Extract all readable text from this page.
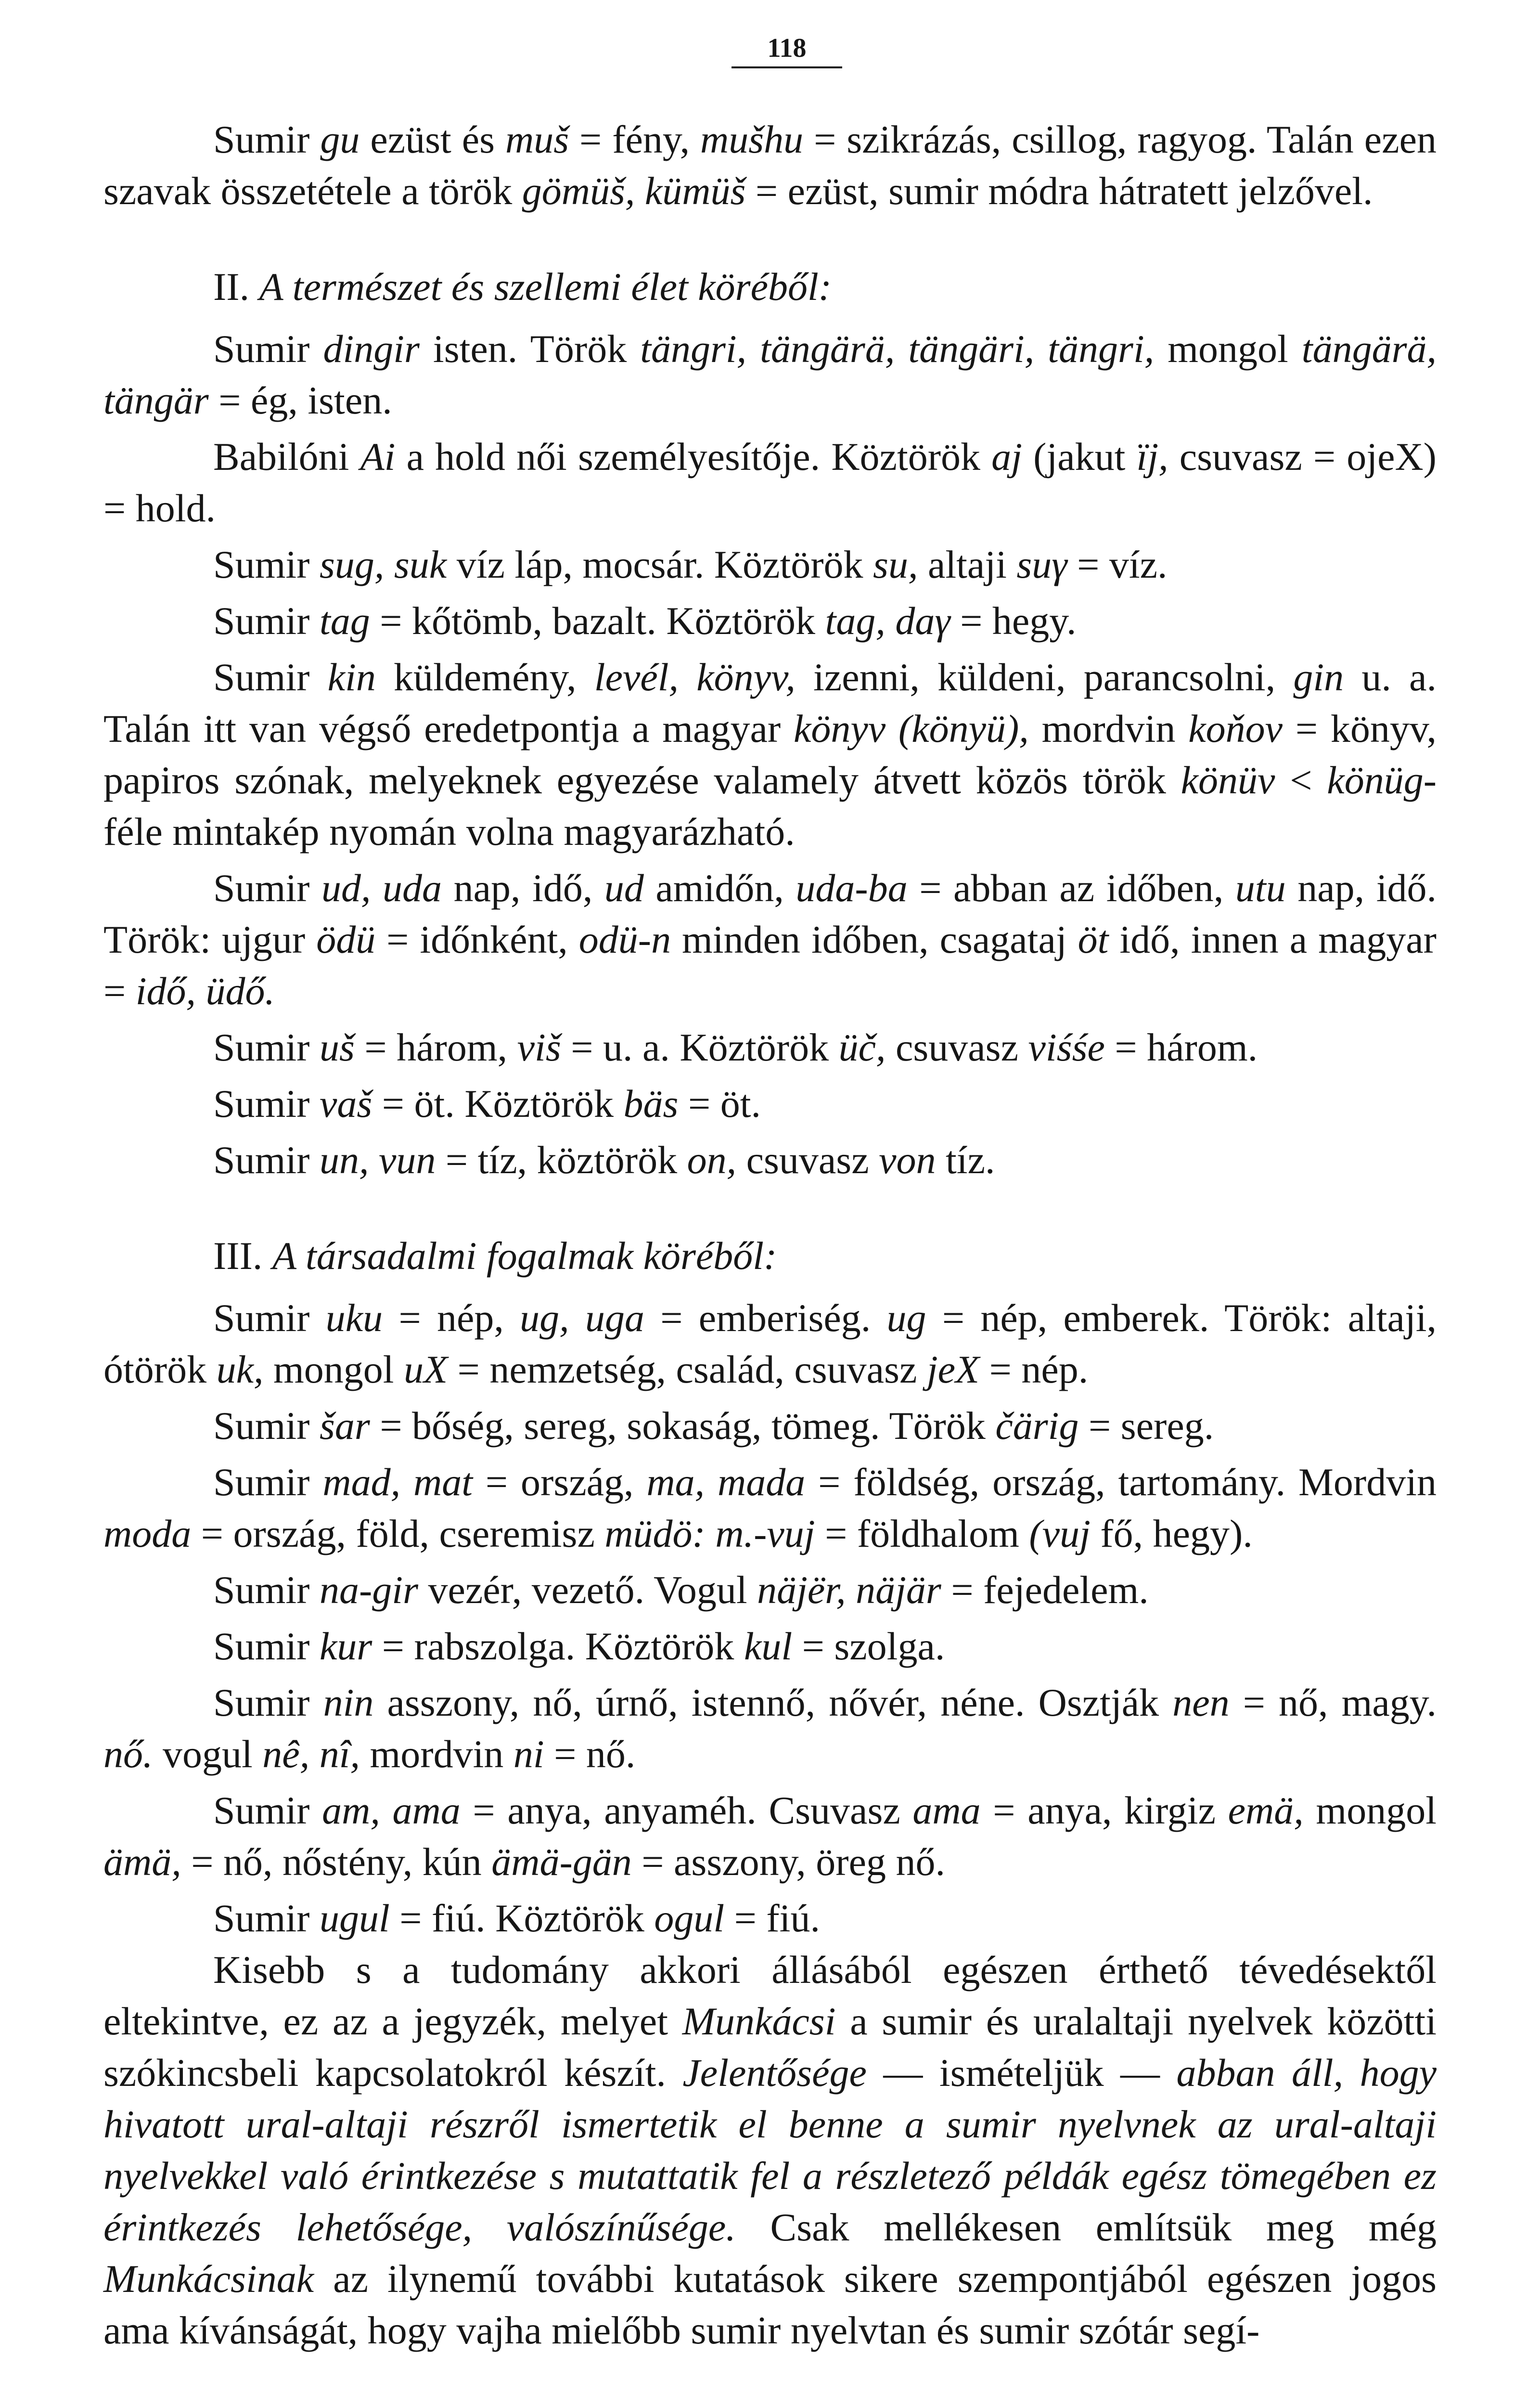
118

Sumir gu ezüst és muš = fény, mušhu = szikrázás, csillog, ragyog. Talán ezen szavak összetétele a török gömüš, kümüš = ezüst, sumir módra hátratett jelzővel.

II. A természet és szellemi élet köréből:

Sumir dingir isten. Török tängri, tängärä, tängäri, tängri, mongol tängärä, tängär = ég, isten.

Babilóni Ai a hold női személyesítője. Köztörök aj (jakut ïj, csuvasz = ojeX) = hold.

Sumir sug, suk víz láp, mocsár. Köztörök su, altaji suγ = víz.

Sumir tag = kőtömb, bazalt. Köztörök tag, daγ = hegy.

Sumir kin küldemény, levél, könyv, izenni, küldeni, parancsolni, gin u. a. Talán itt van végső eredetpontja a magyar könyv (könyü), mordvin koňov = könyv, papiros szónak, melyeknek egyezése valamely átvett közös török könüv < könüg-féle mintakép nyomán volna magyarázható.

Sumir ud, uda nap, idő, ud amidőn, uda-ba = abban az időben, utu nap, idő. Török: ujgur ödü = időnként, odü-n minden időben, csagataj öt idő, innen a magyar = idő, üdő.

Sumir uš = három, viš = u. a. Köztörök üč, csuvasz viśśe = három.

Sumir vaš = öt. Köztörök bäs = öt.

Sumir un, vun = tíz, köztörök on, csuvasz von tíz.

III. A társadalmi fogalmak köréből:

Sumir uku = nép, ug, uga = emberiség. ug = nép, emberek. Török: altaji, ótörök uk, mongol uX = nemzetség, család, csuvasz jeX = nép.

Sumir šar = bőség, sereg, sokaság, tömeg. Török čärig = sereg.

Sumir mad, mat = ország, ma, mada = földség, ország, tartomány. Mordvin moda = ország, föld, cseremisz müdö: m.-vuj = földhalom (vuj fő, hegy).

Sumir na-gir vezér, vezető. Vogul näjër, näjär = fejedelem.

Sumir kur = rabszolga. Köztörök kul = szolga.

Sumir nin asszony, nő, úrnő, istennő, nővér, néne. Osztják nen = nő, magy. nő. vogul nê, nî, mordvin ni = nő.

Sumir am, ama = anya, anyaméh. Csuvasz ama = anya, kirgiz emä, mongol ämä, = nő, nőstény, kún ämä-gän = asszony, öreg nő.

Sumir ugul = fiú. Köztörök ogul = fiú.

Kisebb s a tudomány akkori állásából egészen érthető tévedésektől eltekintve, ez az a jegyzék, melyet Munkácsi a sumir és uralaltaji nyelvek közötti szókincsbeli kapcsolatokról készít. Jelentősége — ismételjük — abban áll, hogy hivatott ural-altaji részről ismertetik el benne a sumir nyelvnek az ural-altaji nyelvekkel való érintkezése s mutattatik fel a részletező példák egész tömegében ez érintkezés lehetősége, valószínűsége. Csak mellékesen említsük meg még Munkácsinak az ilynemű további kutatások sikere szempontjából egészen jogos ama kívánságát, hogy vajha mielőbb sumir nyelvtan és sumir szótár segí-
